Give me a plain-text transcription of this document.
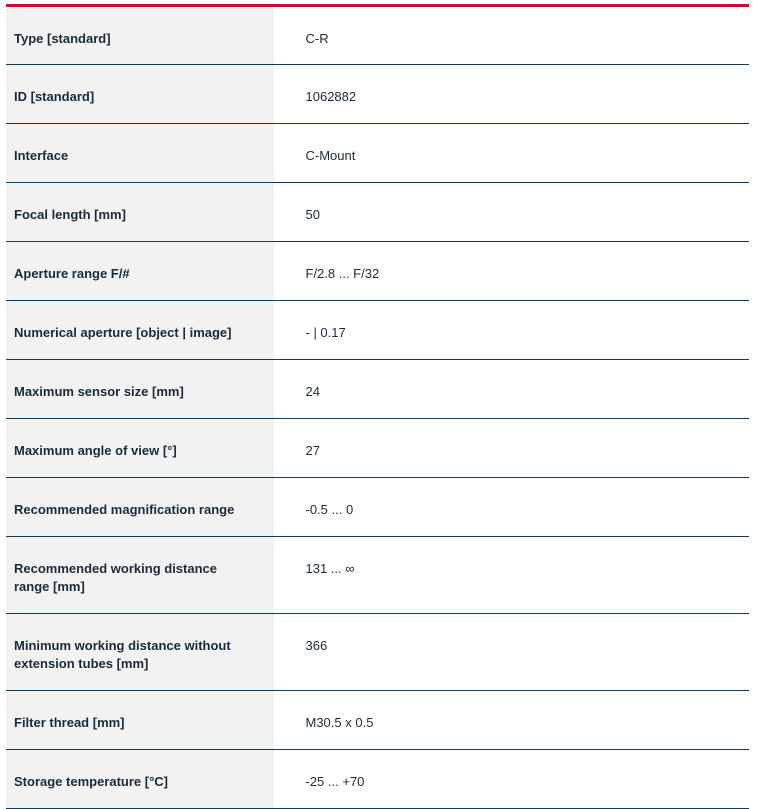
Type [standard]	C-R
ID [standard]	1062882
Interface	C-Mount
Focal length [mm]	50
Aperture range F/#	F/2.8 ... F/32
Numerical aperture [object | image]	- | 0.17
Maximum sensor size [mm]	24
Maximum angle of view [°]	27
Recommended magnification range	-0.5 ... 0
Recommended working distance range [mm]	131 ... ∞
Minimum working distance without extension tubes [mm]	366
Filter thread [mm]	M30.5 x 0.5
Storage temperature [°C]	-25 ... +70
